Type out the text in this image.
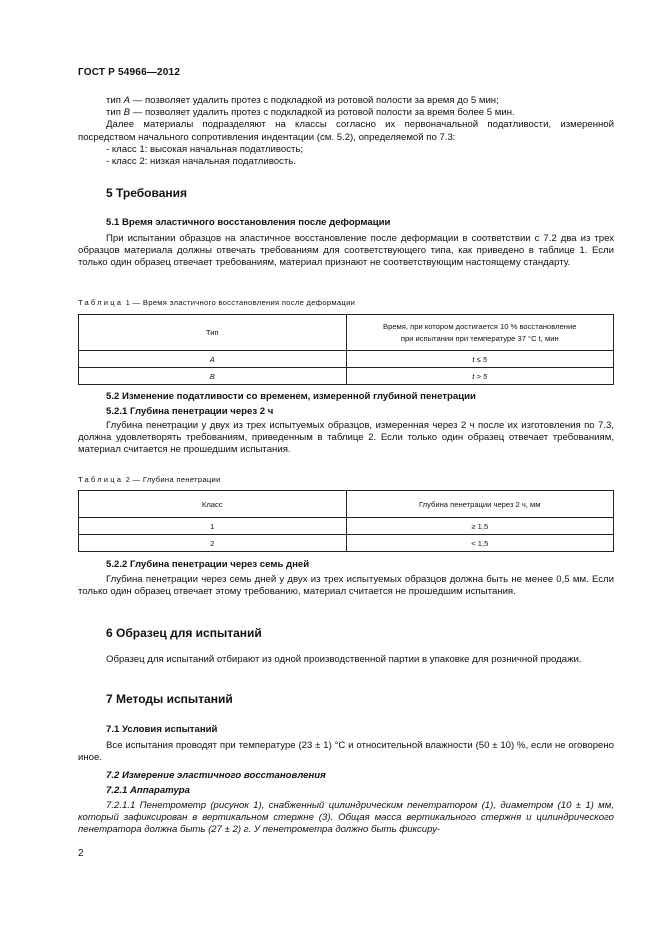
ГОСТ Р 54966—2012

тип А — позволяет удалить протез с подкладкой из ротовой полости за время до 5 мин;

тип В — позволяет удалить протез с подкладкой из ротовой полости за время более 5 мин.

Далее материалы подразделяют на классы согласно их первоначальной податливости, измеренной посредством начального сопротивления индентации (см. 5.2), определяемой по 7.3:

- класс 1: высокая начальная податливость;

- класс 2: низкая начальная податливость.

5 Требования

5.1 Время эластичного восстановления после деформации

При испытании образцов на эластичное восстановление после деформации в соответствии с 7.2 два из трех образцов материала должны отвечать требованиям для соответствующего типа, как приведено в таблице 1. Если только один образец отвечает требованиям, материал признают не соответствующим настоящему стандарту.

Таблица 1 — Время эластичного восстановления после деформации

Тип	Время, при котором достигается 10 % восстановление
при испытании при температуре 37 °С t, мин

А	t ≤ 5
В	t > 5

5.2 Изменение податливости со временем, измеренной глубиной пенетрации

5.2.1 Глубина пенетрации через 2 ч

Глубина пенетрации у двух из трех испытуемых образцов, измеренная через 2 ч после их изготовления по 7.3, должна удовлетворять требованиям, приведенным в таблице 2. Если только один образец отвечает требованиям, материал считается не прошедшим испытания.

Таблица 2 — Глубина пенетрации

Класс	Глубина пенетрации через 2 ч, мм
1	≥ 1,5
2	< 1,5

5.2.2 Глубина пенетрации через семь дней

Глубина пенетрации через семь дней у двух из трех испытуемых образцов должна быть не менее 0,5 мм. Если только один образец отвечает этому требованию, материал считается не прошедшим испытания.

6 Образец для испытаний

Образец для испытаний отбирают из одной производственной партии в упаковке для розничной продажи.

7 Методы испытаний

7.1 Условия испытаний

Все испытания проводят при температуре (23 ± 1) °С и относительной влажности (50 ± 10) %, если не оговорено иное.

7.2 Измерение эластичного восстановления

7.2.1 Аппаратура

7.2.1.1 Пенетрометр (рисунок 1), снабженный цилиндрическим пенетратором (1), диаметром (10 ± 1) мм, который зафиксирован в вертикальном стержне (3). Общая масса вертикального стержня и цилиндрического пенетратора должна быть (27 ± 2) г. У пенетрометра должно быть фиксиру-

2
